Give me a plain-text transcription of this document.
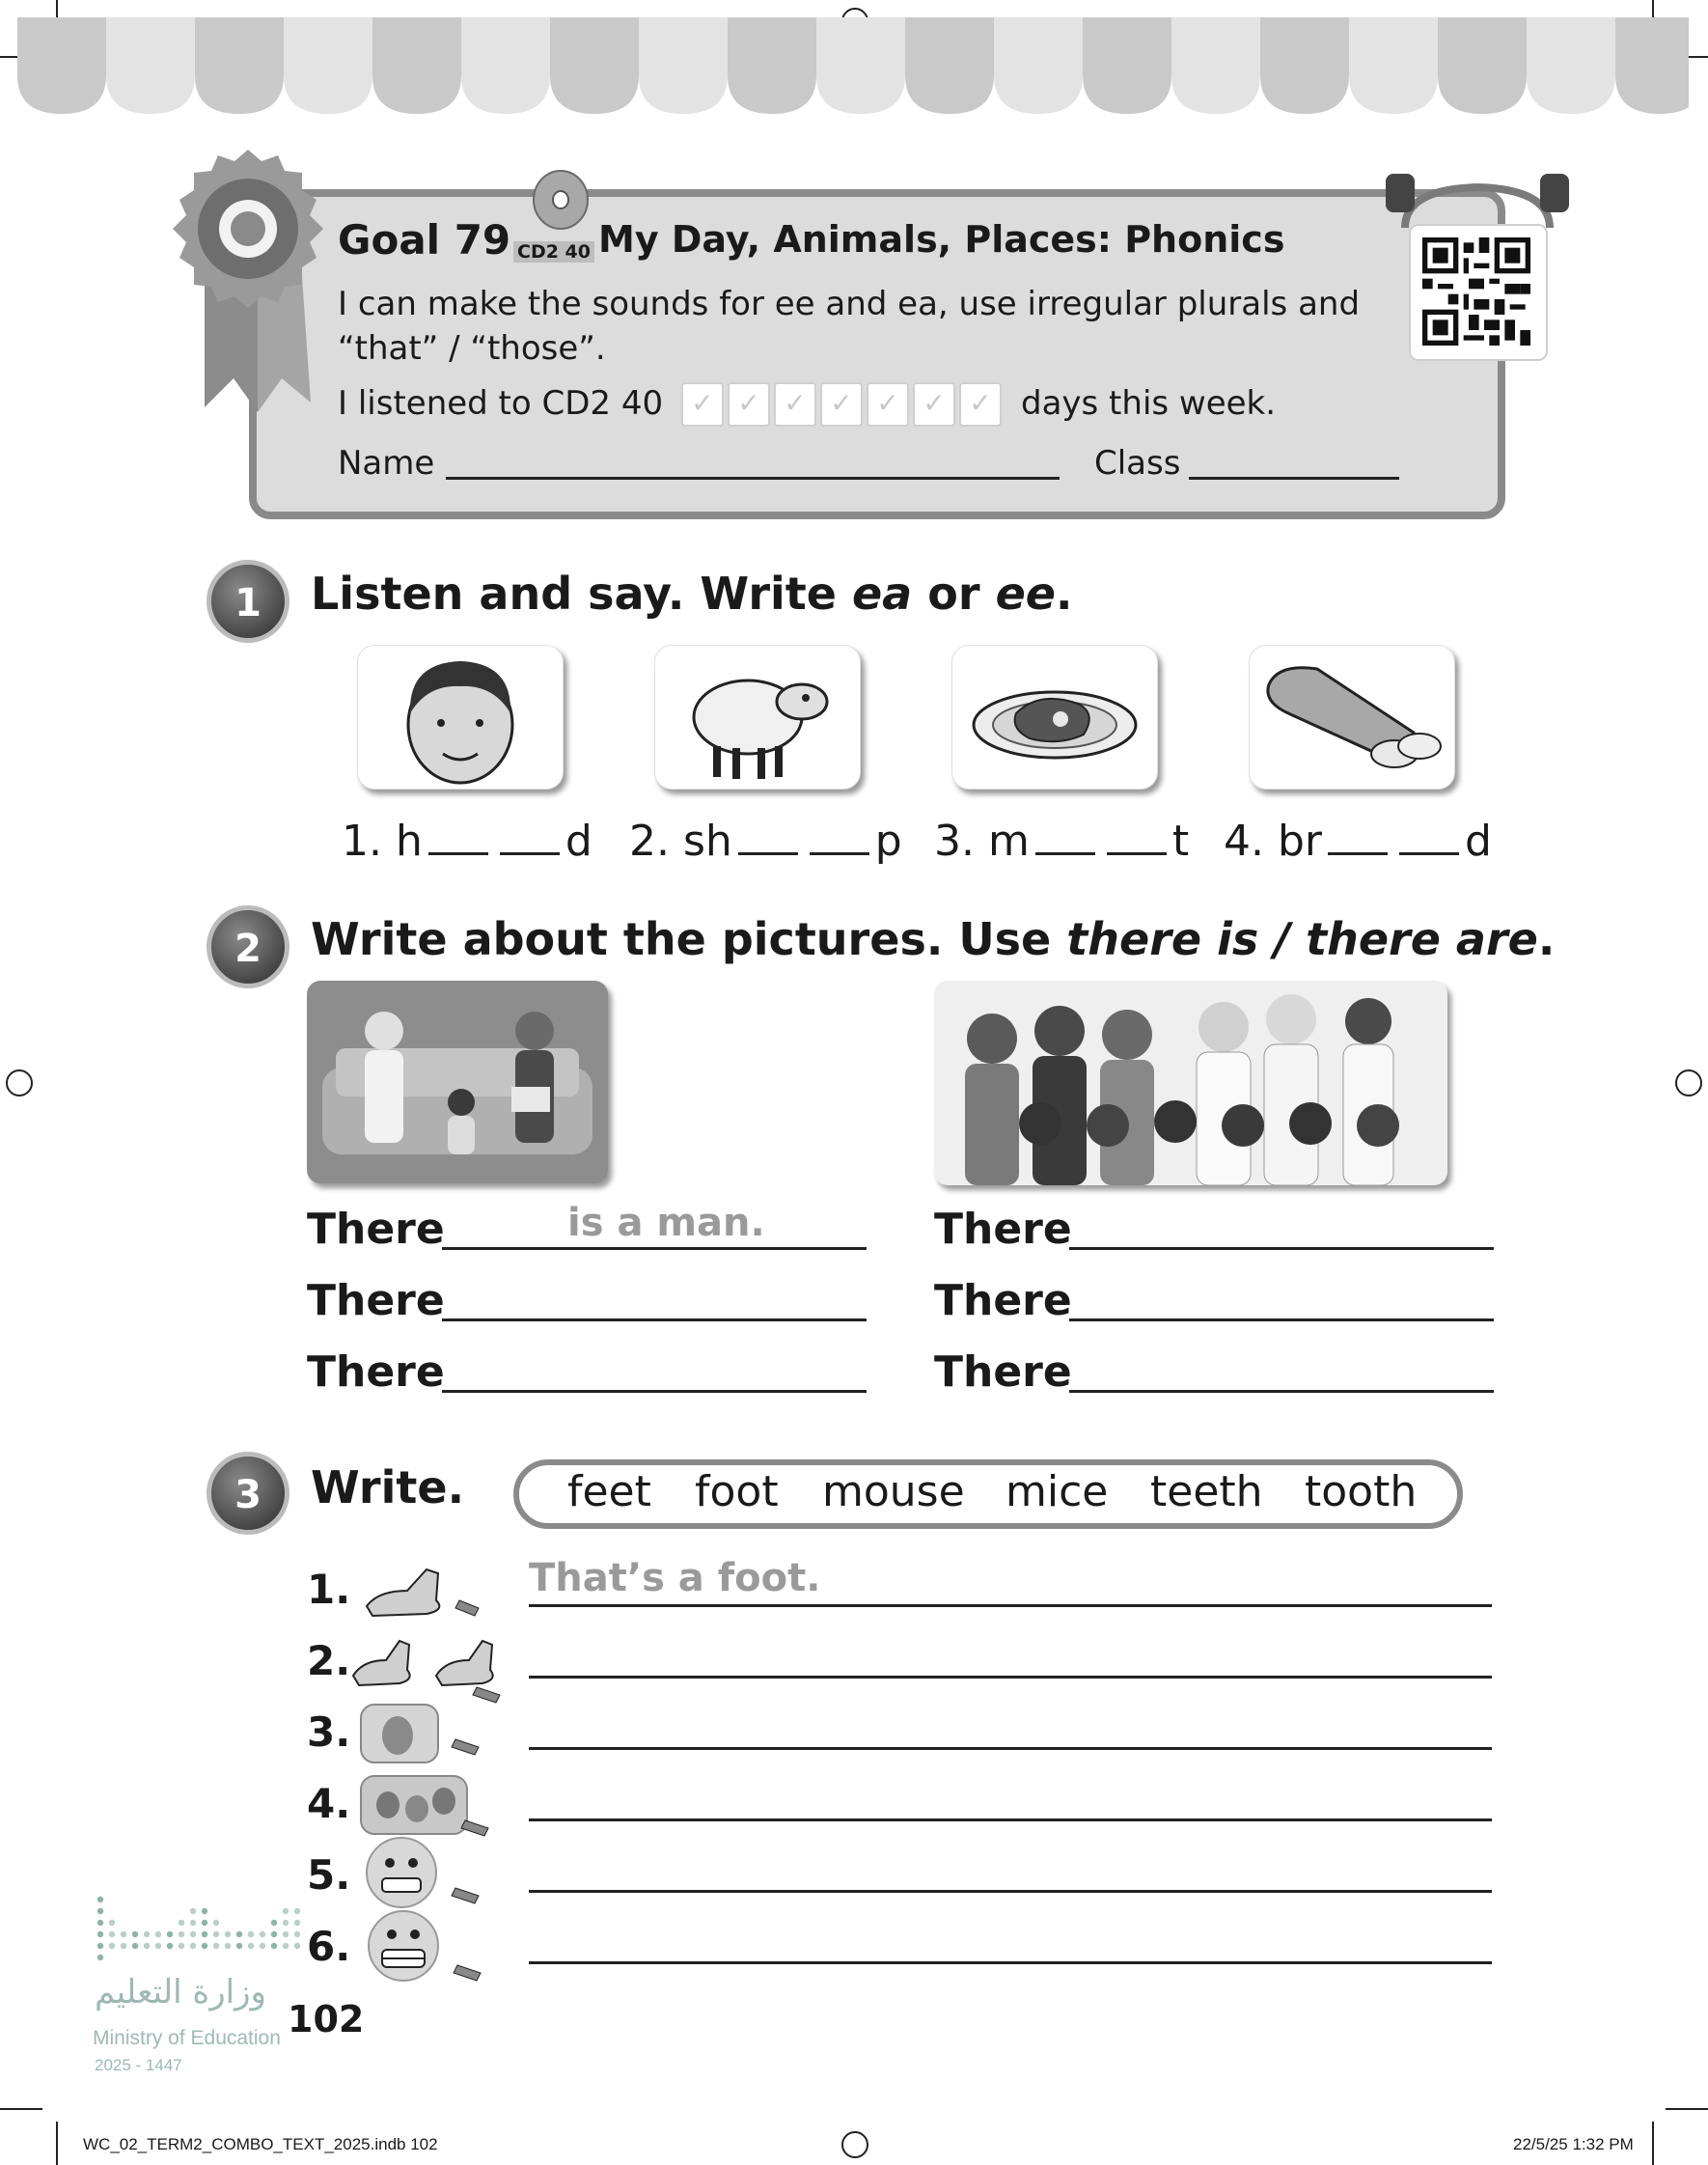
CD2 40
Goal 79 My Day, Animals, Places: Phonics
I can make the sounds for ee and ea, use irregular plurals and “that” / “those”.
I listened to CD2 40	✓ ✓ ✓ ✓ ✓ ✓ ✓ days this week.
Name	Class
1	Listen and say. Write ea or ee.
1. h	d 2. sh	p 3. m	t 4. br	d
2	Write about the pictures. Use there is / there are.
There	is a man.
There
There
There
There
There
3	Write. feet foot mouse mice teeth tooth
1.
2.
3.
4.
5.
6.
That’s a foot.
وزارة التعليم
Ministry of Education
2025 - 1447
102
WC_02_TERM2_COMBO_TEXT_2025.indb 102	22/5/25 1:32 PM
